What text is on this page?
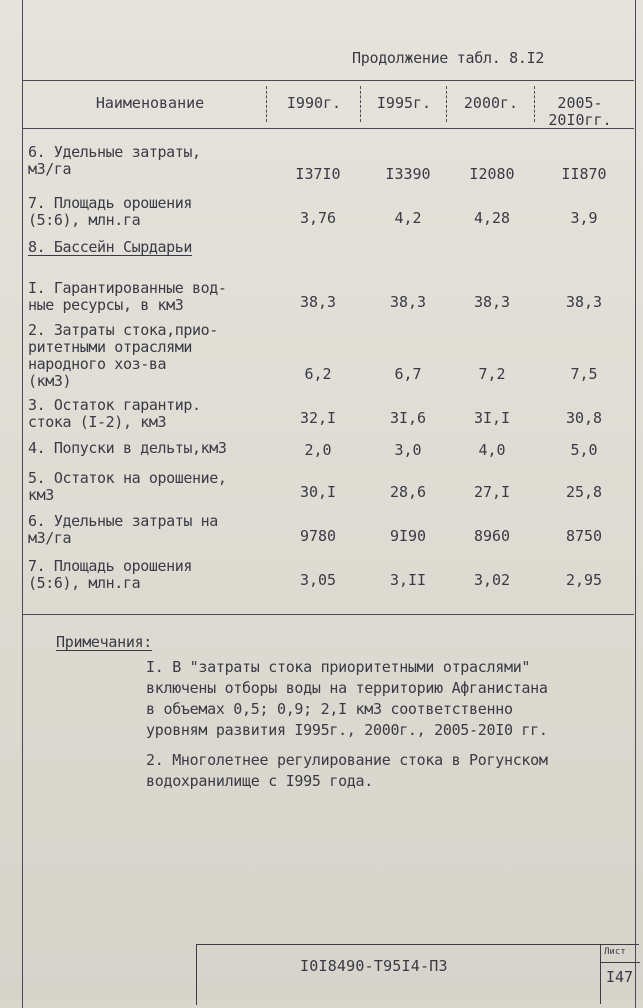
Продолжение табл. 8.I2
Наименование	I990г.	I995г.	2000г.	2005-
20I0гг.
6. Удельные затраты,
м3/га	I37I0	I3390	I2080	II870
7. Площадь орошения
(5:6), млн.га	3,76	4,2	4,28	3,9
8. Бассейн Сырдарьи
I. Гарантированные вод-
ные ресурсы, в км3	38,3	38,3	38,3	38,3
2. Затраты стока,прио-
ритетными отраслями
народного хоз-ва
(км3)	6,2	6,7	7,2	7,5
3. Остаток гарантир.
стока (I-2), км3	32,I	3I,6	3I,I	30,8
4. Попуски в дельты,км3	2,0	3,0	4,0	5,0
5. Остаток на орошение,
км3	30,I	28,6	27,I	25,8
6. Удельные затраты на
м3/га	9780	9I90	8960	8750
7. Площадь орошения
(5:6), млн.га	3,05	3,II	3,02	2,95
Примечания:
I. В "затраты стока приоритетными отраслями"
включены отборы воды на территорию Афганистана
в объемах 0,5; 0,9; 2,I км3 соответственно
уровням развития I995г., 2000г., 2005-20I0 гг.
2. Многолетнее регулирование стока в Рогунском
водохранилище с I995 года.
I0I8490-Т95I4-ПЗ
Лист
I47
